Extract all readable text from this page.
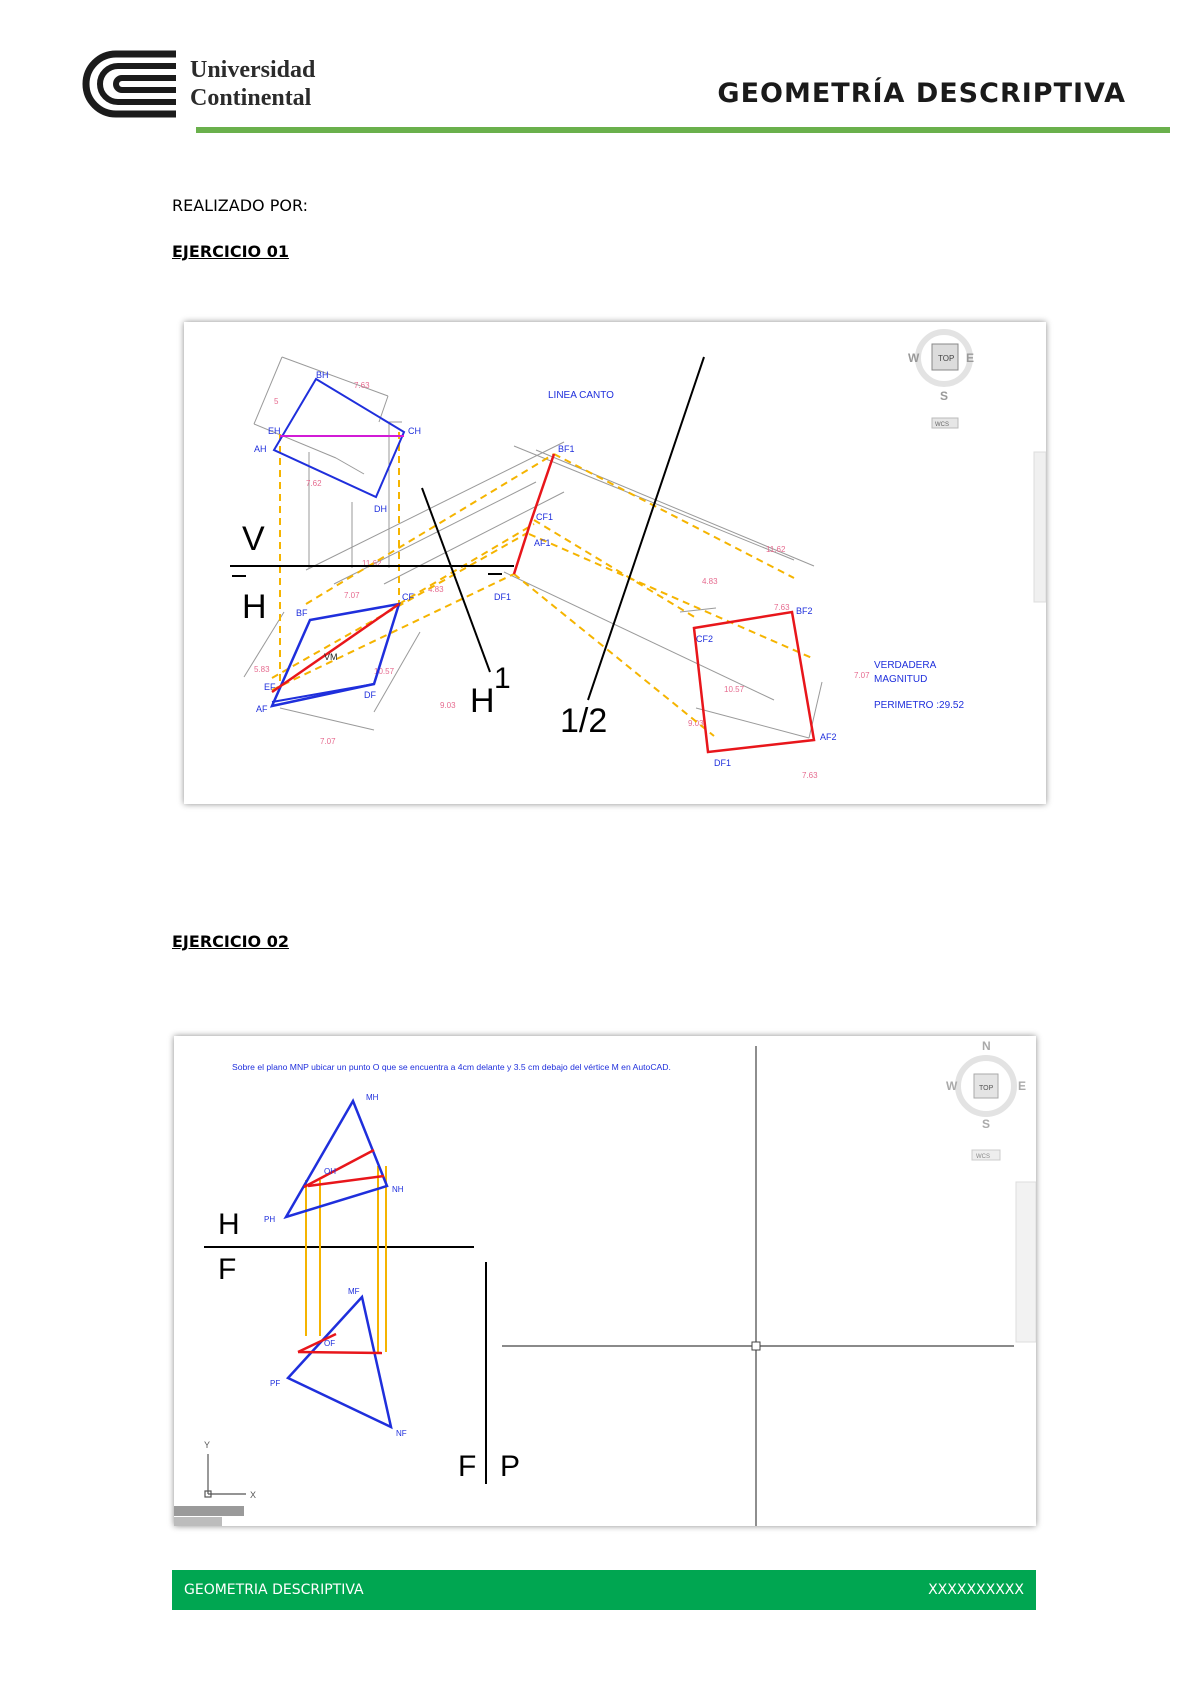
Universidad
Continental	GEOMETRÍA DESCRIPTIVA
REALIZADO POR:
EJERCICIO 01
7.63
7.62
5
11.62
7.07
4.83
5.83	10.57
9.03
7.07
7.63
10.57
7.07
7.63
11.62
4.83
9.03
V
H
H
1
1/2
LINEA CANTO
BH
CH
AH
EH
DH
BF
CF
EF
AF
DF
VM
BF1
CF1
AF1
DF1
CF2
BF2
AF2
DF1
VERDADERA
MAGNITUD
PERIMETRO :29.52
TOP
W	E
S
WCS
EJERCICIO 02
Sobre el plano MNP ubicar un punto O que se encuentra a 4cm delante y 3.5 cm debajo del vértice M en AutoCAD.
H
F
F P
MH
OH
NH
PH
MF
OF
PF
NF
Y
X
TOP
N
W	E
S
WCS
GEOMETRIA DESCRIPTIVA	XXXXXXXXXX
